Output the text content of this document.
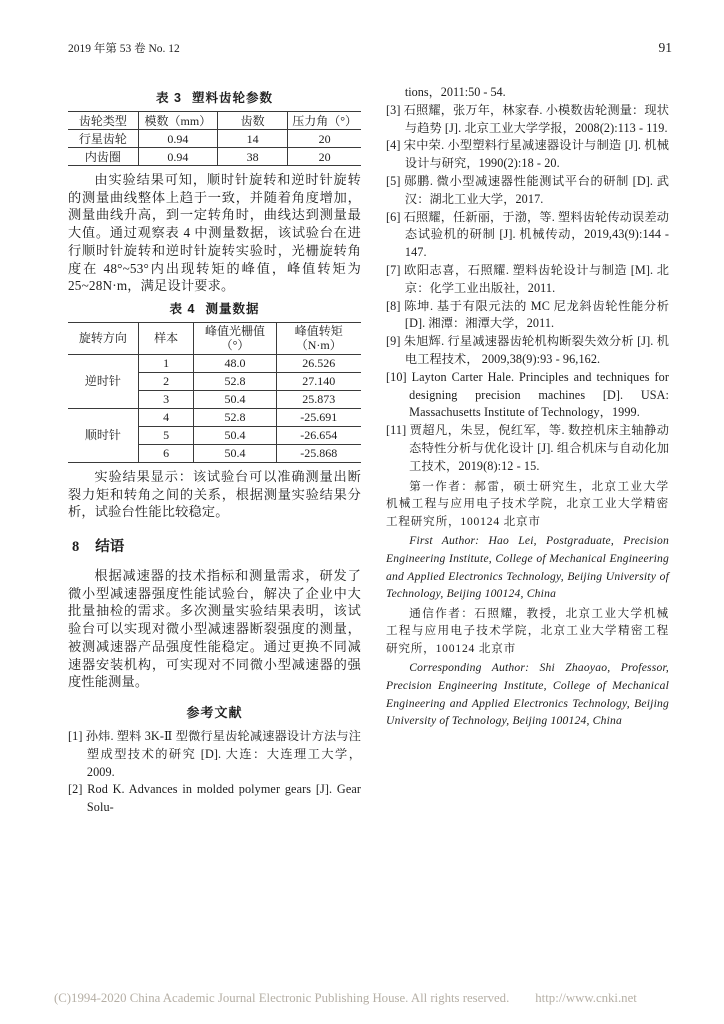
2019 年第 53 卷 No. 12	91
表 3 塑料齿轮参数
齿轮类型	模数（mm）	齿数	压力角（°）
行星齿轮	0.94	14	20
内齿圈	0.94	38	20

由实验结果可知，顺时针旋转和逆时针旋转的测量曲线整体上趋于一致，并随着角度增加，测量曲线升高，到一定转角时，曲线达到测量最大值。通过观察表 4 中测量数据，该试验台在进行顺时针旋转和逆时针旋转实验时，光栅旋转角度在 48°~53°内出现转矩的峰值，峰值转矩为 25~28N·m，满足设计要求。

表 4 测量数据
旋转方向	样本	峰值光栅值（°）	峰值转矩（N·m）
逆时针	1	48.0	26.526
	2	52.8	27.140
	3	50.4	25.873
顺时针	4	52.8	-25.691
	5	50.4	-26.654
	6	50.4	-25.868

实验结果显示：该试验台可以准确测量出断裂力矩和转角之间的关系，根据测量实验结果分析，试验台性能比较稳定。

8 结语

根据减速器的技术指标和测量需求，研发了微小型减速器强度性能试验台，解决了企业中大批量抽检的需求。多次测量实验结果表明，该试验台可以实现对微小型减速器断裂强度的测量，被测减速器产品强度性能稳定。通过更换不同减速器安装机构，可实现对不同微小型减速器的强度性能测量。

参考文献

[1] 孙炜. 塑料 3K-Ⅱ 型微行星齿轮减速器设计方法与注塑成型技术的研究 [D]. 大连：大连理工大学，2009.

[2] Rod K. Advances in molded polymer gears [J]. Gear Solu-

tions，2011:50 - 54.

[3] 石照耀，张万年，林家春. 小模数齿轮测量：现状与趋势 [J]. 北京工业大学学报，2008(2):113 - 119.

[4] 宋中荣. 小型塑料行星减速器设计与制造 [J]. 机械设计与研究，1990(2):18 - 20.

[5] 郧鹏. 微小型减速器性能测试平台的研制 [D]. 武汉：湖北工业大学，2017.

[6] 石照耀，任新丽，于渤，等. 塑料齿轮传动误差动态试验机的研制 [J]. 机械传动，2019,43(9):144 - 147.

[7] 欧阳志喜，石照耀. 塑料齿轮设计与制造 [M]. 北京：化学工业出版社，2011.

[8] 陈坤. 基于有限元法的 MC 尼龙斜齿轮性能分析 [D]. 湘潭：湘潭大学，2011.

[9] 朱旭辉. 行星减速器齿轮机构断裂失效分析 [J]. 机电工程技术， 2009,38(9):93 - 96,162.

[10] Layton Carter Hale. Principles and techniques for designing precision machines [D]. USA: Massachusetts Institute of Technology，1999.

[11] 贾超凡，朱昱，倪红军，等. 数控机床主轴静动态特性分析与优化设计 [J]. 组合机床与自动化加工技术，2019(8):12 - 15.

第一作者：郝雷，硕士研究生，北京工业大学机械工程与应用电子技术学院，北京工业大学精密工程研究所，100124 北京市

First Author: Hao Lei, Postgraduate, Precision Engineering Institute, College of Mechanical Engineering and Applied Electronics Technology, Beijing University of Technology, Beijing 100124, China

通信作者：石照耀，教授，北京工业大学机械工程与应用电子技术学院，北京工业大学精密工程研究所，100124 北京市

Corresponding Author: Shi Zhaoyao, Professor, Precision Engineering Institute, College of Mechanical Engineering and Applied Electronics Technology, Beijing University of Technology, Beijing 100124, China

(C)1994-2020 China Academic Journal Electronic Publishing House. All rights reserved. http://www.cnki.net
